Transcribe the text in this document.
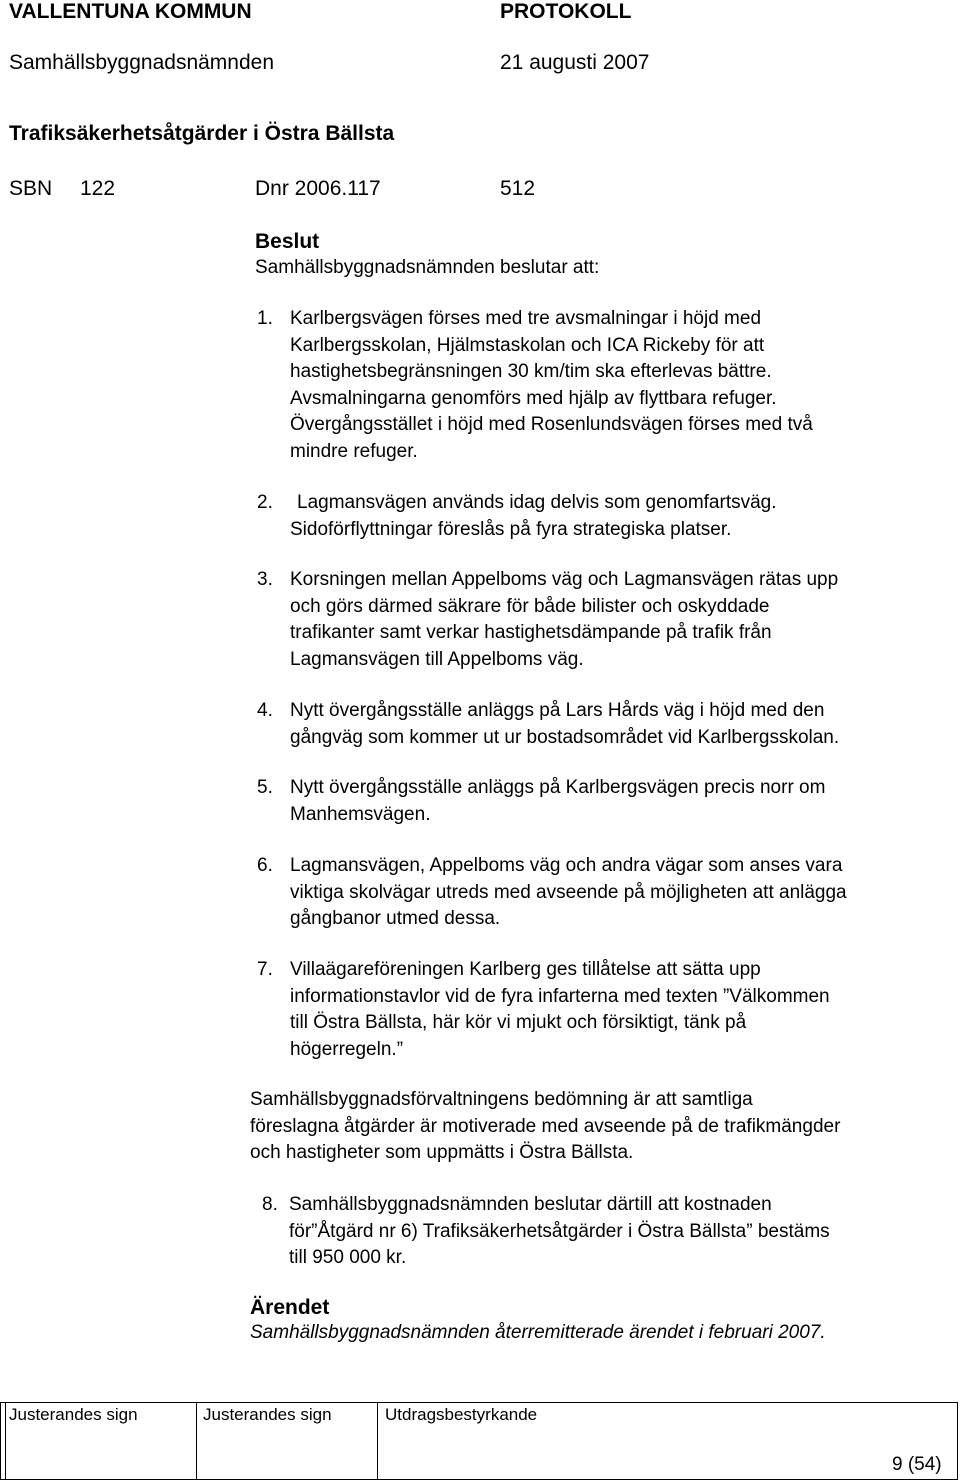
VALLENTUNA KOMMUN	PROTOKOLL
Samhällsbyggnadsnämnden	21 augusti 2007
Trafiksäkerhetsåtgärder i Östra Bällsta
SBN 122	Dnr 2006.117	512
Beslut
Samhällsbyggnadsnämnden beslutar att:
1. Karlbergsvägen förses med tre avsmalningar i höjd med
Karlbergsskolan, Hjälmstaskolan och ICA Rickeby för att
hastighetsbegränsningen 30 km/tim ska efterlevas bättre.
Avsmalningarna genomförs med hjälp av flyttbara refuger.
Övergångsstället i höjd med Rosenlundsvägen förses med två
mindre refuger.
2. Lagmansvägen används idag delvis som genomfartsväg.
Sidoförflyttningar föreslås på fyra strategiska platser.
3. Korsningen mellan Appelboms väg och Lagmansvägen rätas upp
och görs därmed säkrare för både bilister och oskyddade
trafikanter samt verkar hastighetsdämpande på trafik från
Lagmansvägen till Appelboms väg.
4. Nytt övergångsställe anläggs på Lars Hårds väg i höjd med den
gångväg som kommer ut ur bostadsområdet vid Karlbergsskolan.
5. Nytt övergångsställe anläggs på Karlbergsvägen precis norr om
Manhemsvägen.
6. Lagmansvägen, Appelboms väg och andra vägar som anses vara
viktiga skolvägar utreds med avseende på möjligheten att anlägga
gångbanor utmed dessa.
7. Villaägareföreningen Karlberg ges tillåtelse att sätta upp
informationstavlor vid de fyra infarterna med texten ”Välkommen
till Östra Bällsta, här kör vi mjukt och försiktigt, tänk på
högerregeln.”
Samhällsbyggnadsförvaltningens bedömning är att samtliga
föreslagna åtgärder är motiverade med avseende på de trafikmängder
och hastigheter som uppmätts i Östra Bällsta.
8. Samhällsbyggnadsnämnden beslutar därtill att kostnaden
för”Åtgärd nr 6) Trafiksäkerhetsåtgärder i Östra Bällsta” bestäms
till 950 000 kr.
Ärendet
Samhällsbyggnadsnämnden återremitterade ärendet i februari 2007.
Justerandes sign	Justerandes sign	Utdragsbestyrkande
9 (54)
